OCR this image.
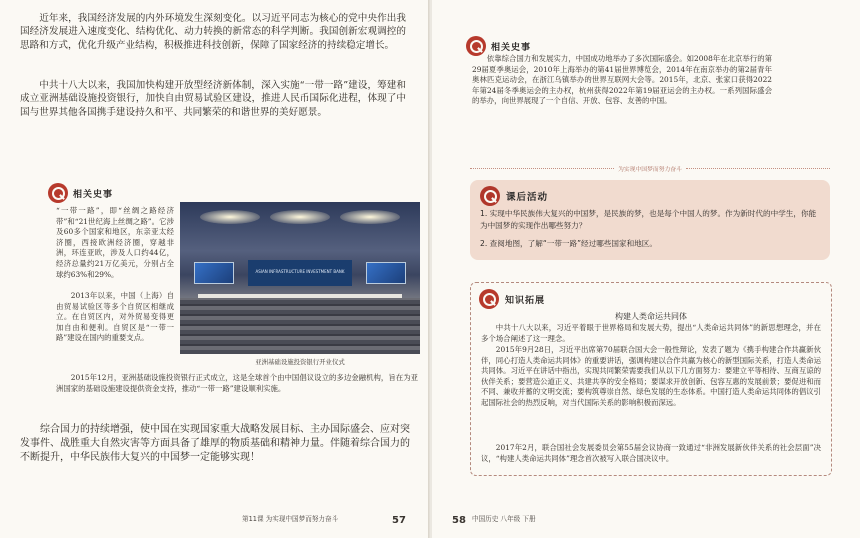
近年来，我国经济发展的内外环境发生深刻变化。以习近平同志为核心的党中央作出我国经济发展进入速度变化、结构优化、动力转换的新常态的科学判断。我国创新宏观调控的思路和方式，优化升级产业结构，积极推进科技创新，保障了国家经济的持续稳定增长。

中共十八大以来，我国加快构建开放型经济新体制，深入实施“一带一路”建设，筹建和成立亚洲基础设施投资银行，加快自由贸易试验区建设，推进人民币国际化进程，体现了中国与世界其他各国携手建设持久和平、共同繁荣的和谐世界的美好愿景。

相关史事

“一带一路”，即“丝绸之路经济带”和“21世纪海上丝绸之路”。它涉及60多个国家和地区，东亲亚太经济圈，西接欧洲经济圈，穿越非洲，环连亚欧，涉及人口约44亿，经济总量约21万亿美元，分别占全球约63%和29%。

2013年以来，中国（上海）自由贸易试验区等多个自贸区相继成立。在自贸区内，对外贸易变得更加自由和便利。自贸区是“一带一路”建设在国内的重要支点。

ASIAN INFRASTRUCTURE INVESTMENT BANK
亚洲基础设施投资银行开业仪式

2015年12月，亚洲基础设施投资银行正式成立，这是全球首个由中国倡议设立的多边金融机构，旨在为亚洲国家的基础设施建设提供资金支持，推动“一带一路”建设顺利实施。

综合国力的持续增强，使中国在实现国家重大战略发展目标、主办国际盛会、应对突发事件、战胜重大自然灾害等方面具备了雄厚的物质基础和精神力量。伴随着综合国力的不断提升，中华民族伟大复兴的中国梦一定能够实现！

第11课 为实现中国梦而努力奋斗	57
相关史事

依靠综合国力和发展实力，中国成功地举办了多次国际盛会。如2008年在北京举行的第29届夏季奥运会，2010年上海举办的第41届世界博览会，2014年在南京举办的第2届青年奥林匹克运动会，在浙江乌镇举办的世界互联网大会等。2015年，北京、张家口获得2022年第24届冬季奥运会的主办权，杭州获得2022年第19届亚运会的主办权。一系列国际盛会的举办，向世界展现了一个自信、开放、包容、友善的中国。

为实现中国梦而努力奋斗
课后活动

1. 实现中华民族伟大复兴的中国梦，是民族的梦，也是每个中国人的梦。作为新时代的中学生，你能为中国梦的实现作出哪些努力？

2. 查阅地图，了解“一带一路”经过哪些国家和地区。

知识拓展
构建人类命运共同体

中共十八大以来，习近平着眼于世界格局和发展大势，提出“人类命运共同体”的新思想理念，并在多个场合阐述了这一理念。

2015年9月28日，习近平出席第70届联合国大会一般性辩论，发表了题为《携手构建合作共赢新伙伴，同心打造人类命运共同体》的重要讲话，强调构建以合作共赢为核心的新型国际关系，打造人类命运共同体。习近平在讲话中指出，实现共同繁荣需要我们从以下几方面努力：要建立平等相待、互商互谅的伙伴关系；要营造公道正义、共建共享的安全格局；要谋求开放创新、包容互惠的发展前景；要促进和而不同、兼收并蓄的文明交流；要构筑尊崇自然、绿色发展的生态体系。中国打造人类命运共同体的倡议引起国际社会的热烈反响，对当代国际关系的影响积极而深远。

2017年2月，联合国社会发展委员会第55届会议协商一致通过“非洲发展新伙伴关系的社会层面”决议，“构建人类命运共同体”理念首次被写入联合国决议中。

58 中国历史 八年级 下册
